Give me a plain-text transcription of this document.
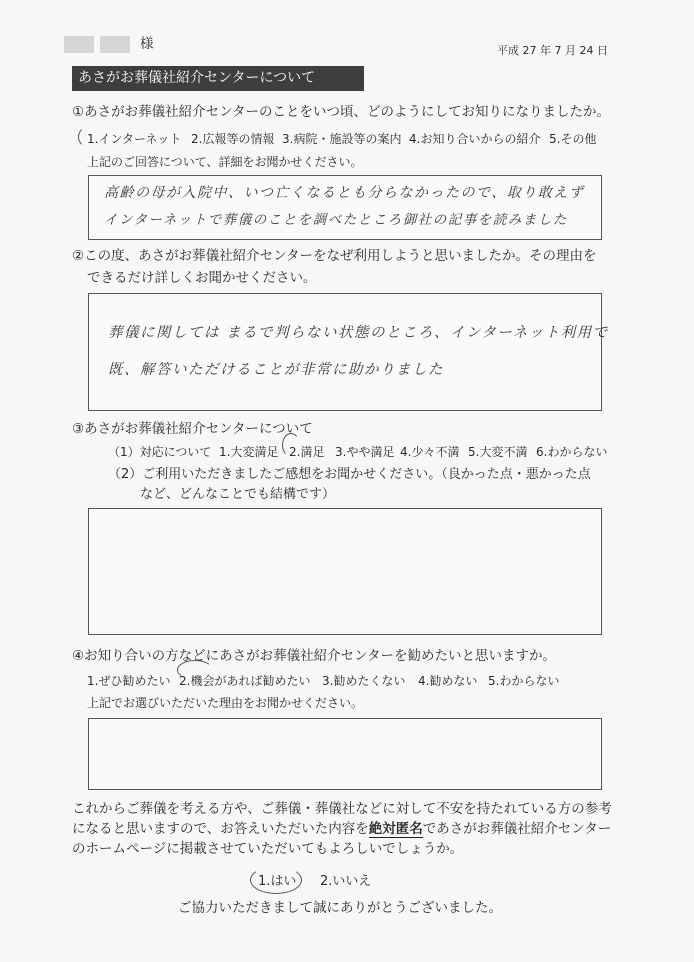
様	平成 27 年 7 月 24 日
あさがお葬儀社紹介センターについて
①あさがお葬儀社紹介センターのことをいつ頃、どのようにしてお知りになりましたか。
1.インターネット 2.広報等の情報 3.病院・施設等の案内 4.お知り合いからの紹介 5.その他
上記のご回答について、詳細をお聞かせください。
高齢の母が入院中、いつ亡くなるとも分らなかったので、取り敢えず
インターネットで葬儀のことを調べたところ御社の記事を読みました
②この度、あさがお葬儀社紹介センターをなぜ利用しようと思いましたか。その理由を
できるだけ詳しくお聞かせください。
葬儀に関しては まるで判らない状態のところ、インターネット利用で
既、解答いただけることが非常に助かりました
③あさがお葬儀社紹介センターについて
（1）対応について 1.大変満足 2.満足 3.やや満足 4.少々不満 5.大変不満 6.わからない
（2）ご利用いただきましたご感想をお聞かせください。（良かった点・悪かった点
など、どんなことでも結構です）
④お知り合いの方などにあさがお葬儀社紹介センターを勧めたいと思いますか。
1.ぜひ勧めたい 2.機会があれば勧めたい 3.勧めたくない 4.勧めない 5.わからない
上記でお選びいただいた理由をお聞かせください。
これからご葬儀を考える方や、ご葬儀・葬儀社などに対して不安を持たれている方の参考
になると思いますので、お答えいただいた内容を絶対匿名であさがお葬儀社紹介センター
のホームページに掲載させていただいてもよろしいでしょうか。
1.はい 2.いいえ
ご協力いただきまして誠にありがとうございました。
